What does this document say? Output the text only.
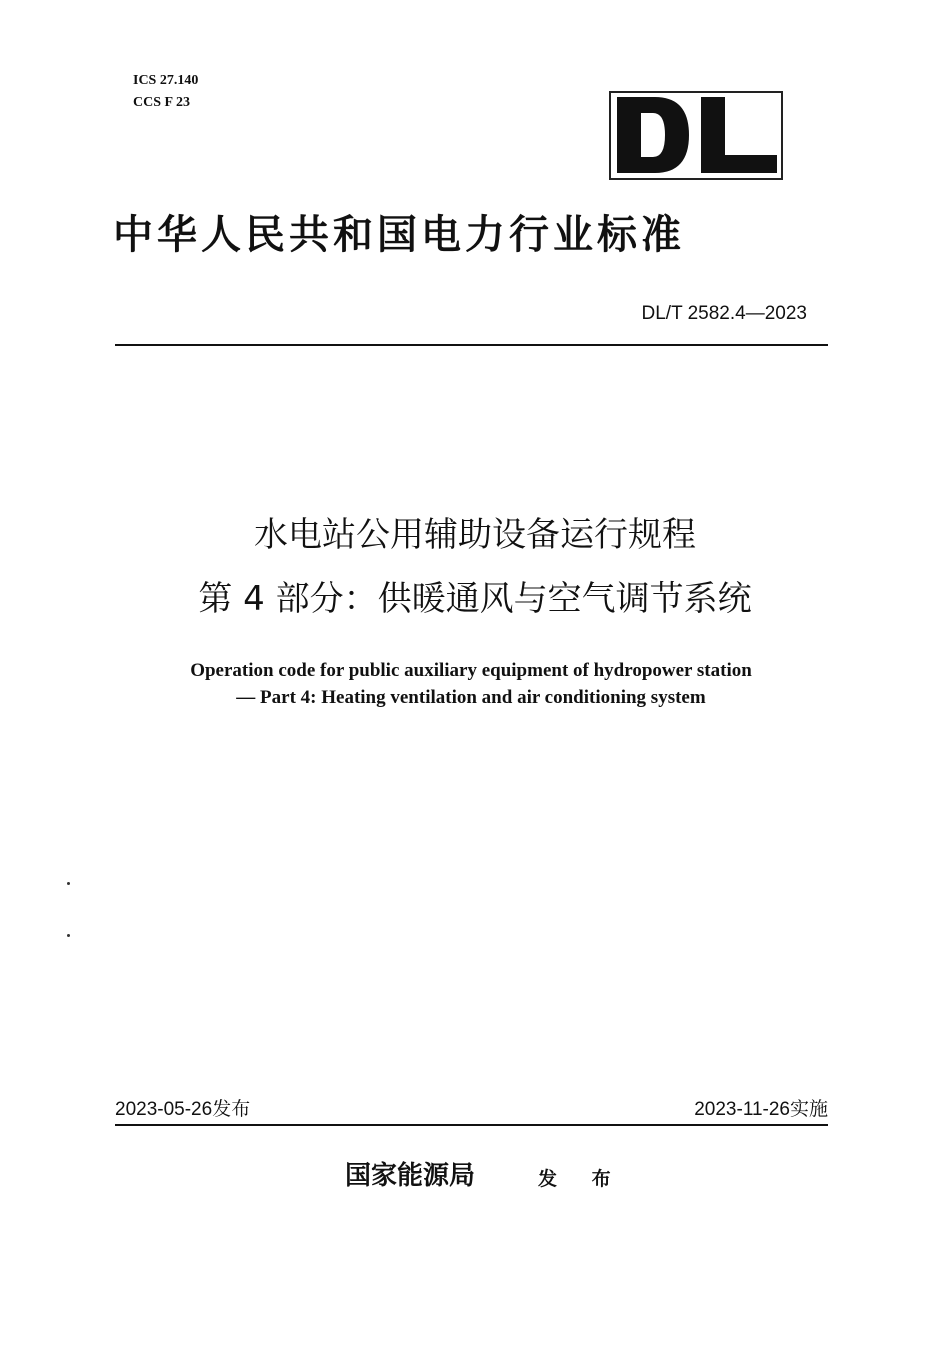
ICS 27.140
CCS F 23
中华人民共和国电力行业标准
DL/T 2582.4—2023
水电站公用辅助设备运行规程
第 4 部分：供暖通风与空气调节系统
Operation code for public auxiliary equipment of hydropower station
— Part 4: Heating ventilation and air conditioning system
2023-05-26发布	2023-11-26实施
国家能源局	发 布
